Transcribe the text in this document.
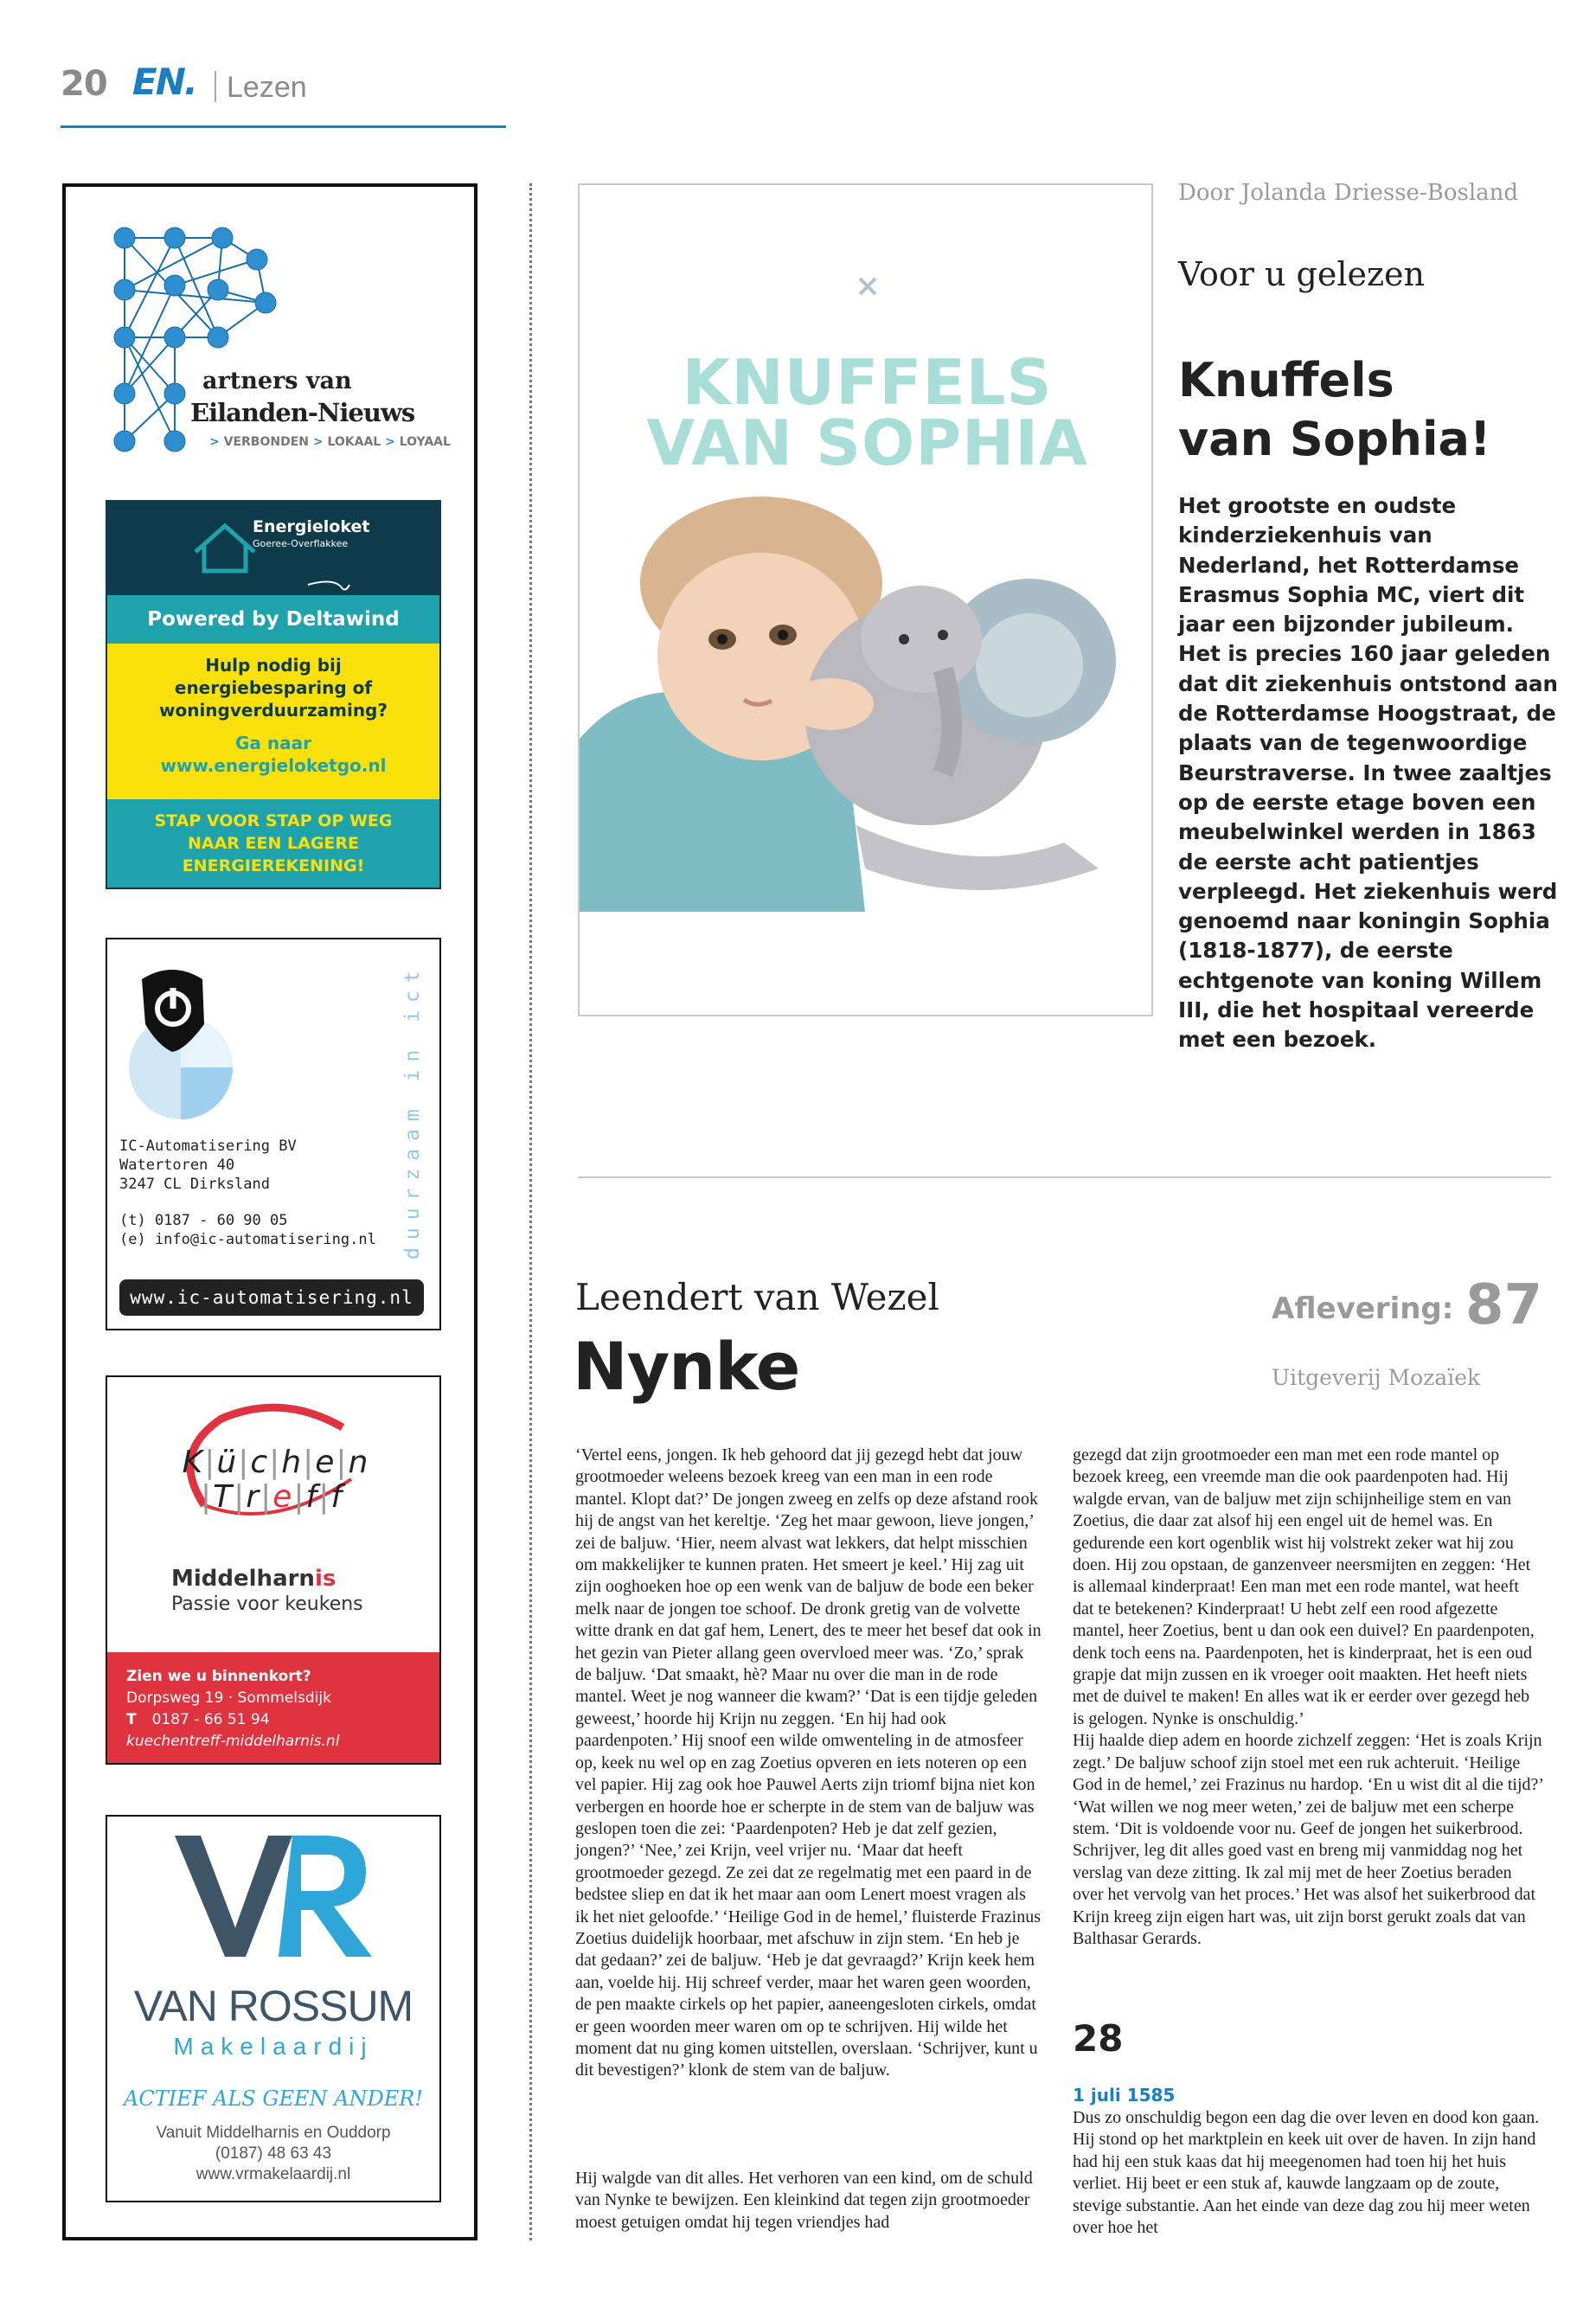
20 EN. Lezen
artners van
Eilanden-Nieuws
> VERBONDEN > LOKAAL > LOYAAL
Energieloket
Goeree-Overflakkee
Powered by Deltawind
Hulp nodig bij
energiebesparing of
woningverduurzaming?
Ga naar
www.energieloketgo.nl
STAP VOOR STAP OP WEG
NAAR EEN LAGERE
ENERGIEREKENING!
duurzaam in ict
IC-Automatisering BV
Watertoren 40
3247 CL Dirksland
(t) 0187 - 60 90 05
(e) info@ic-automatisering.nl
www.ic-automatisering.nl
K|ü|c|h|e|n
|T|r|e|f|f
Middelharnis
Passie voor keukens
Zien we u binnenkort?
Dorpsweg 19 · Sommelsdijk
T 0187 - 66 51 94
kuechentreff-middelharnis.nl
VAN ROSSUM
Makelaardij
ACTIEF ALS GEEN ANDER!
Vanuit Middelharnis en Ouddorp
(0187) 48 63 43
www.vrmakelaardij.nl
KNUFFELS
VAN SOPHIA
Door Jolanda Driesse-Bosland
Voor u gelezen
Knuffels
van Sophia!

Het grootste en oudste kinderziekenhuis van Nederland, het Rotterdamse Erasmus Sophia MC, viert dit jaar een bijzonder jubileum. Het is precies 160 jaar geleden dat dit ziekenhuis ontstond aan de Rotterdamse Hoogstraat, de plaats van de tegenwoordige Beurstraverse. In twee zaaltjes op de eerste etage boven een meubelwinkel werden in 1863 de eerste acht patientjes verpleegd. Het ziekenhuis werd genoemd naar koningin Sophia (1818-1877), de eerste echtgenote van koning Willem III, die het hospitaal vereerde met een bezoek.

Leendert van Wezel
Nynke
Aflevering: 87
Uitgeverij Mozaïek

‘Vertel eens, jongen. Ik heb gehoord dat jij gezegd hebt dat jouw grootmoeder weleens bezoek kreeg van een man in een rode mantel. Klopt dat?’ De jongen zweeg en zelfs op deze afstand rook hij de angst van het kereltje. ‘Zeg het maar gewoon, lieve jongen,’ zei de baljuw. ‘Hier, neem alvast wat lekkers, dat helpt misschien om makkelijker te kunnen praten. Het smeert je keel.’ Hij zag uit zijn ooghoeken hoe op een wenk van de baljuw de bode een beker melk naar de jongen toe schoof. De dronk gretig van de volvette witte drank en dat gaf hem, Lenert, des te meer het besef dat ook in het gezin van Pieter allang geen overvloed meer was. ‘Zo,’ sprak de baljuw. ‘Dat smaakt, hè? Maar nu over die man in de rode mantel. Weet je nog wanneer die kwam?’ ‘Dat is een tijdje geleden geweest,’ hoorde hij Krijn nu zeggen. ‘En hij had ook paardenpoten.’ Hij snoof een wilde omwenteling in de atmosfeer op, keek nu wel op en zag Zoetius opveren en iets noteren op een vel papier. Hij zag ook hoe Pauwel Aerts zijn triomf bijna niet kon verbergen en hoorde hoe er scherpte in de stem van de baljuw was geslopen toen die zei: ‘Paardenpoten? Heb je dat zelf gezien, jongen?’ ‘Nee,’ zei Krijn, veel vrijer nu. ‘Maar dat heeft grootmoeder gezegd. Ze zei dat ze regelmatig met een paard in de bedstee sliep en dat ik het maar aan oom Lenert moest vragen als ik het niet geloofde.’ ‘Heilige God in de hemel,’ fluisterde Frazinus Zoetius duidelijk hoorbaar, met afschuw in zijn stem. ‘En heb je dat gedaan?’ zei de baljuw. ‘Heb je dat gevraagd?’ Krijn keek hem aan, voelde hij. Hij schreef verder, maar het waren geen woorden, de pen maakte cirkels op het papier, aaneengesloten cirkels, omdat er geen woorden meer waren om op te schrijven. Hij wilde het moment dat nu ging komen uitstellen, overslaan. ‘Schrijver, kunt u dit bevestigen?’ klonk de stem van de baljuw.

Hij walgde van dit alles. Het verhoren van een kind, om de schuld van Nynke te bewijzen. Een kleinkind dat tegen zijn grootmoeder moest getuigen omdat hij tegen vriendjes had

gezegd dat zijn grootmoeder een man met een rode mantel op bezoek kreeg, een vreemde man die ook paardenpoten had. Hij walgde ervan, van de baljuw met zijn schijnheilige stem en van Zoetius, die daar zat alsof hij een engel uit de hemel was. En gedurende een kort ogenblik wist hij volstrekt zeker wat hij zou doen. Hij zou opstaan, de ganzenveer neersmijten en zeggen: ‘Het is allemaal kinderpraat! Een man met een rode mantel, wat heeft dat te betekenen? Kinderpraat! U hebt zelf een rood afgezette mantel, heer Zoetius, bent u dan ook een duivel? En paardenpoten, denk toch eens na. Paardenpoten, het is kinderpraat, het is een oud grapje dat mijn zussen en ik vroeger ooit maakten. Het heeft niets met de duivel te maken! En alles wat ik er eerder over gezegd heb is gelogen. Nynke is onschuldig.’

Hij haalde diep adem en hoorde zichzelf zeggen: ‘Het is zoals Krijn zegt.’ De baljuw schoof zijn stoel met een ruk achteruit. ‘Heilige God in de hemel,’ zei Frazinus nu hardop. ‘En u wist dit al die tijd?’ ‘Wat willen we nog meer weten,’ zei de baljuw met een scherpe stem. ‘Dit is voldoende voor nu. Geef de jongen het suikerbrood. Schrijver, leg dit alles goed vast en breng mij vanmiddag nog het verslag van deze zitting. Ik zal mij met de heer Zoetius beraden over het vervolg van het proces.’ Het was alsof het suikerbrood dat Krijn kreeg zijn eigen hart was, uit zijn borst gerukt zoals dat van Balthasar Gerards.

28
1 juli 1585

Dus zo onschuldig begon een dag die over leven en dood kon gaan. Hij stond op het marktplein en keek uit over de haven. In zijn hand had hij een stuk kaas dat hij meegenomen had toen hij het huis verliet. Hij beet er een stuk af, kauwde langzaam op de zoute, stevige substantie. Aan het einde van deze dag zou hij meer weten over hoe het
